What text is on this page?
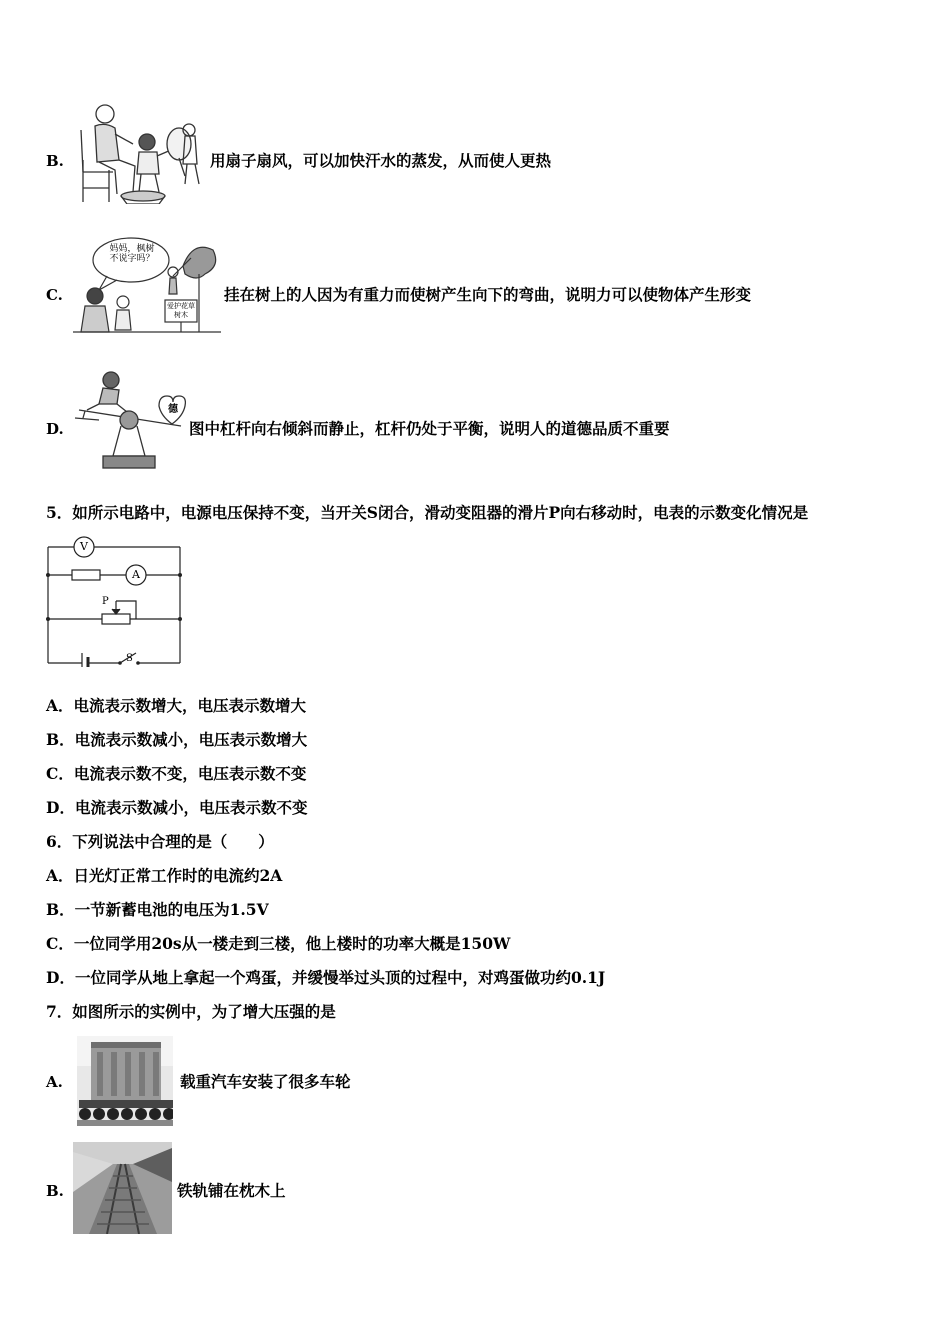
B.	用扇子扇风，可以加快汗水的蒸发，从而使人更热
C.
妈妈，枫树不说字吗？
爱护花草树木
挂在树上的人因为有重力而使树产生向下的弯曲，说明力可以使物体产生形变
D.
德
图中杠杆向右倾斜而静止，杠杆仍处于平衡，说明人的道德品质不重要
5．如所示电路中，电源电压保持不变，当开关S闭合，滑动变阻器的滑片P向右移动时，电表的示数变化情况是
V
A
P
S
A．电流表示数增大，电压表示数增大
B．电流表示数减小，电压表示数增大
C．电流表示数不变，电压表示数不变
D．电流表示数减小，电压表示数不变
6．下列说法中合理的是（　　）
A．日光灯正常工作时的电流约2A
B．一节新蓄电池的电压为1.5V
C．一位同学用20s从一楼走到三楼，他上楼时的功率大概是150W
D．一位同学从地上拿起一个鸡蛋，并缓慢举过头顶的过程中，对鸡蛋做功约0.1J
7．如图所示的实例中，为了增大压强的是
A.	载重汽车安装了很多车轮
B.	铁轨铺在枕木上
